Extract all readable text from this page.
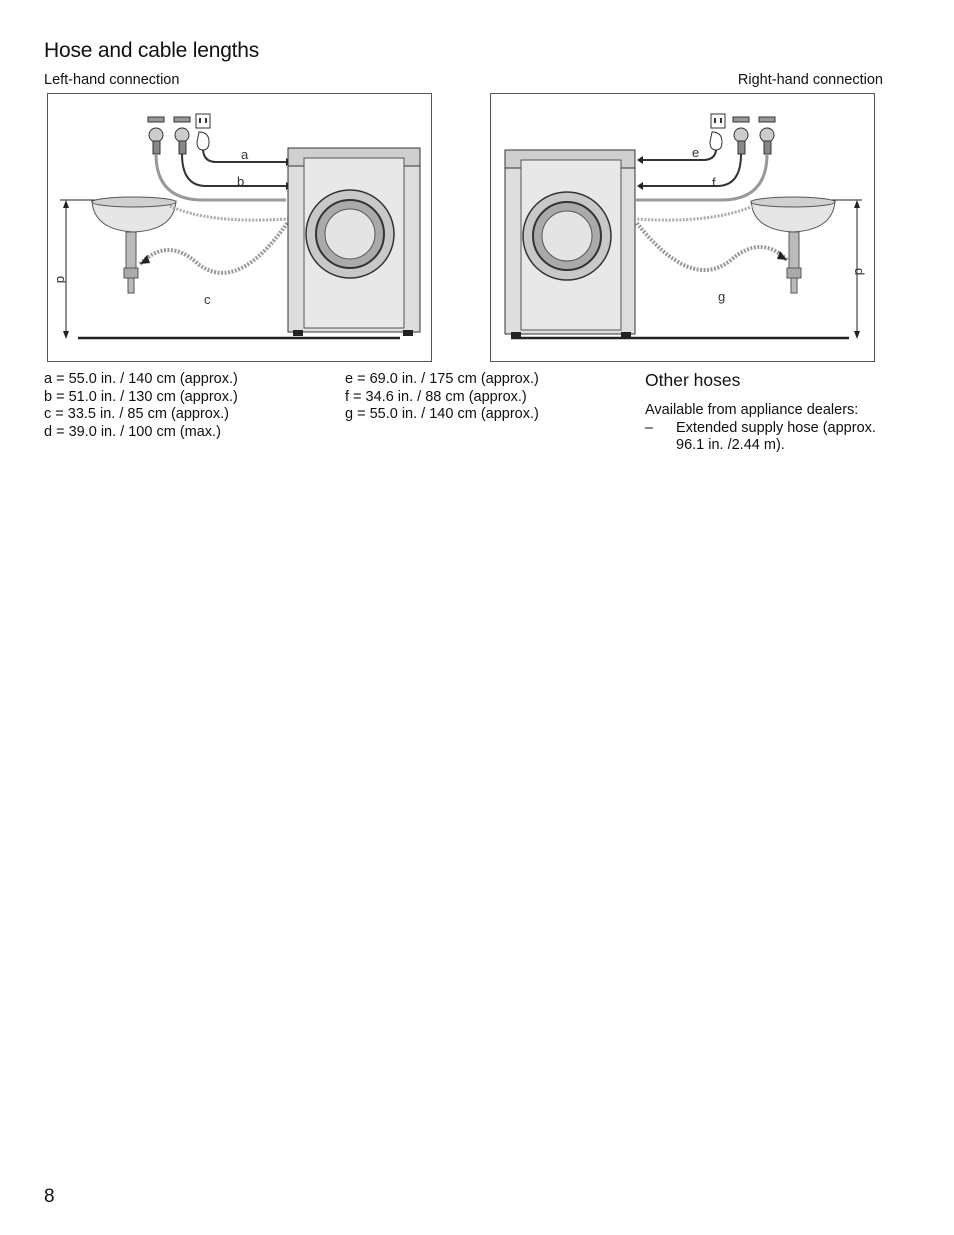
Hose and cable lengths
Left-hand connection	Right-hand connection
d
a
b
c
d
e
f
g
a = 55.0 in. / 140 cm (approx.)
b = 51.0 in. / 130 cm (approx.)
c = 33.5 in. / 85 cm (approx.)
d = 39.0 in. / 100 cm (max.)
e = 69.0 in. / 175 cm (approx.)
f = 34.6 in. / 88 cm (approx.)
g = 55.0 in. / 140 cm (approx.)
Other hoses
Available from appliance dealers:
– Extended supply hose (approx. 96.1 in. /2.44 m).
8
